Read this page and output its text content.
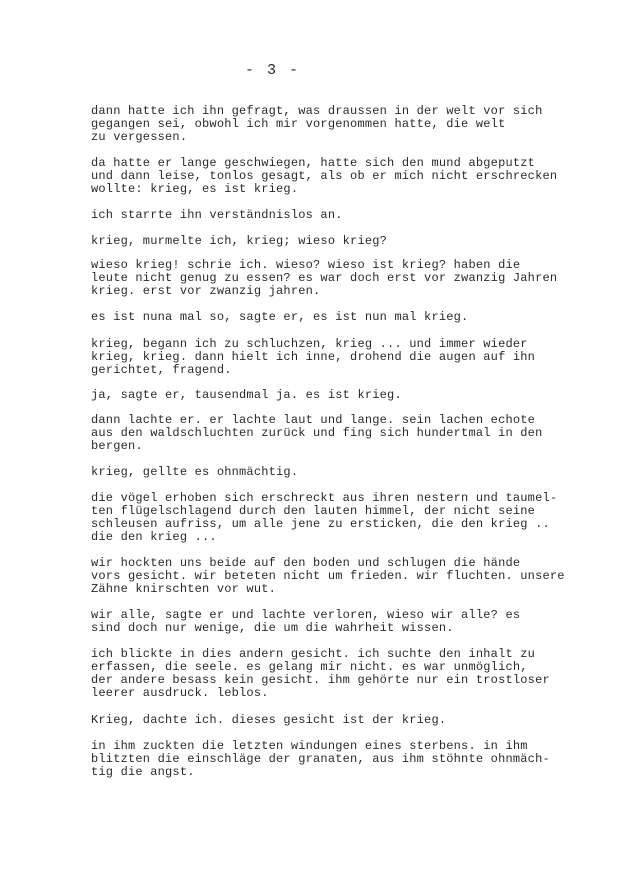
- 3 -

dann hatte ich ihn gefragt, was draussen in der welt vor sich
gegangen sei, obwohl ich mir vorgenommen hatte, die welt
zu vergessen.

da hatte er lange geschwiegen, hatte sich den mund abgeputzt
und dann leise, tonlos gesagt, als ob er mich nicht erschrecken
wollte: krieg, es ist krieg.

ich starrte ihn verständnislos an.

krieg, murmelte ich, krieg; wieso krieg?

wieso krieg! schrie ich. wieso? wieso ist krieg? haben die
leute nicht genug zu essen? es war doch erst vor zwanzig Jahren
krieg. erst vor zwanzig jahren.

es ist nuna mal so, sagte er, es ist nun mal krieg.

krieg, begann ich zu schluchzen, krieg ... und immer wieder
krieg, krieg. dann hielt ich inne, drohend die augen auf ihn
gerichtet, fragend.

ja, sagte er, tausendmal ja. es ist krieg.

dann lachte er. er lachte laut und lange. sein lachen echote
aus den waldschluchten zurück und fing sich hundertmal in den
bergen.

krieg, gellte es ohnmächtig.

die vögel erhoben sich erschreckt aus ihren nestern und taumel-
ten flügelschlagend durch den lauten himmel, der nicht seine
schleusen aufriss, um alle jene zu ersticken, die den krieg ..
die den krieg ...

wir hockten uns beide auf den boden und schlugen die hände
vors gesicht. wir beteten nicht um frieden. wir fluchten. unsere
Zähne knirschten vor wut.

wir alle, sagte er und lachte verloren, wieso wir alle? es
sind doch nur wenige, die um die wahrheit wissen.

ich blickte in dies andern gesicht. ich suchte den inhalt zu
erfassen, die seele. es gelang mir nicht. es war unmöglich,
der andere besass kein gesicht. ihm gehörte nur ein trostloser
leerer ausdruck. leblos.

Krieg, dachte ich. dieses gesicht ist der krieg.

in ihm zuckten die letzten windungen eines sterbens. in ihm
blitzten die einschläge der granaten, aus ihm stöhnte ohnmäch-
tig die angst.
